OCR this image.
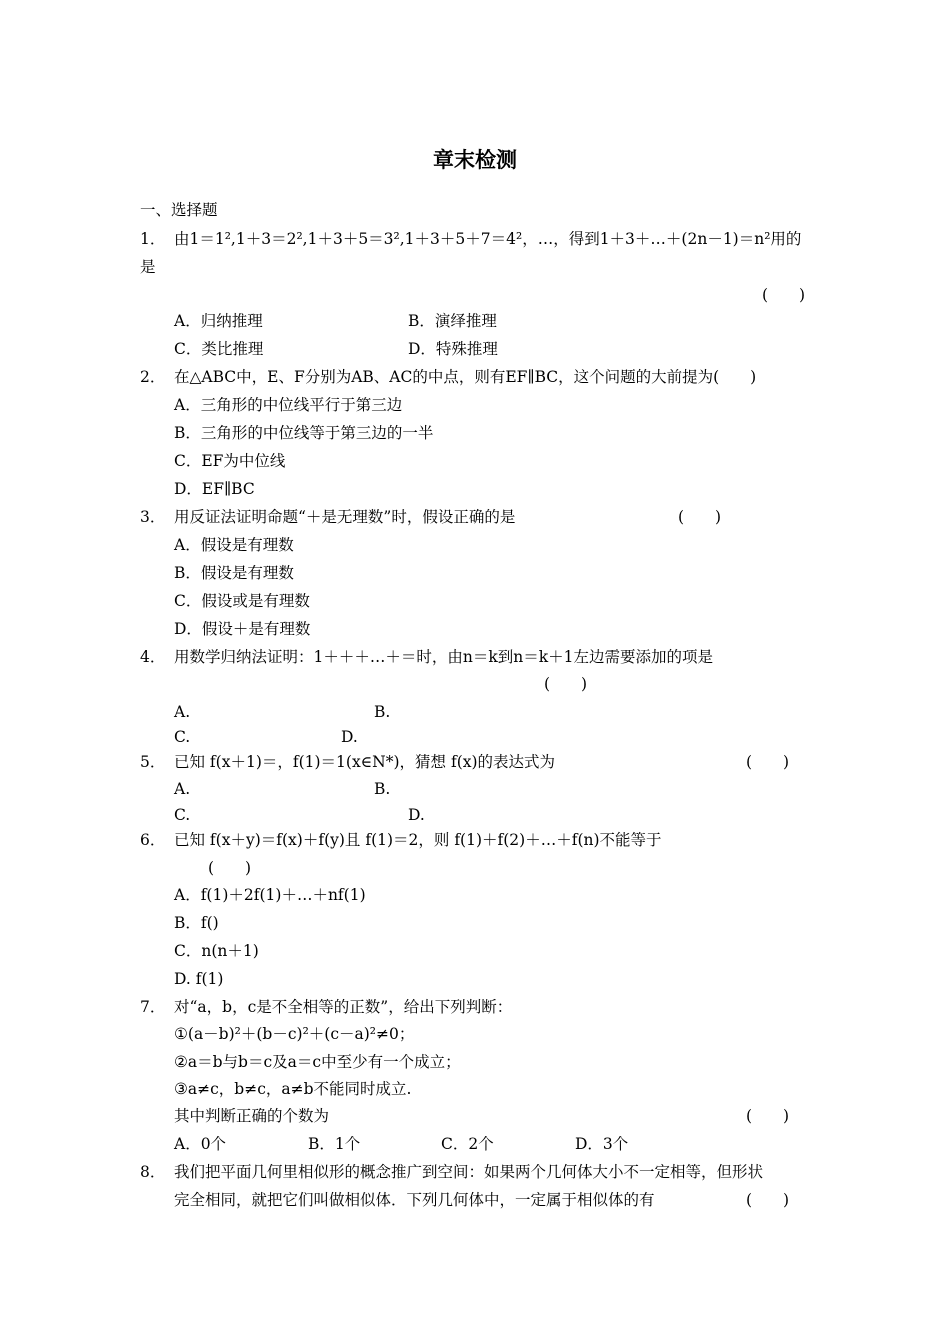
章末检测
一、选择题
1． 由1＝1²,1＋3＝2²,1＋3＋5＝3²,1＋3＋5＋7＝4²，…，得到1＋3＋…＋(2n－1)＝n²用的
是
(　　)
A．归纳推理	B．演绎推理
C．类比推理	D．特殊推理
2． 在△ABC中，E、F分别为AB、AC的中点，则有EF∥BC，这个问题的大前提为(　　)
A．三角形的中位线平行于第三边
B．三角形的中位线等于第三边的一半
C．EF为中位线
D．EF∥BC
3． 用反证法证明命题“＋是无理数”时，假设正确的是	(　　)
A．假设是有理数
B．假设是有理数
C．假设或是有理数
D．假设＋是有理数
4． 用数学归纳法证明：1＋＋＋…＋＝时，由n＝k到n＝k＋1左边需要添加的项是
(　　)
A.	B.
C.	D.
5． 已知 f(x＋1)＝，f(1)＝1(x∈N*)，猜想 f(x)的表达式为	(　　)
A.	B.
C.	D.
6． 已知 f(x＋y)＝f(x)＋f(y)且 f(1)＝2，则 f(1)＋f(2)＋…＋f(n)不能等于
(　　)
A．f(1)＋2f(1)＋…＋nf(1)
B．f()
C．n(n＋1)
D. f(1)
7． 对“a，b，c是不全相等的正数”，给出下列判断：
①(a－b)²＋(b－c)²＋(c－a)²≠0；
②a＝b与b＝c及a＝c中至少有一个成立；
③a≠c，b≠c，a≠b不能同时成立.
其中判断正确的个数为	(　　)
A．0个	B．1个	C．2个	D．3个
8． 我们把平面几何里相似形的概念推广到空间：如果两个几何体大小不一定相等，但形状
完全相同，就把它们叫做相似体．下列几何体中，一定属于相似体的有	(　　)
